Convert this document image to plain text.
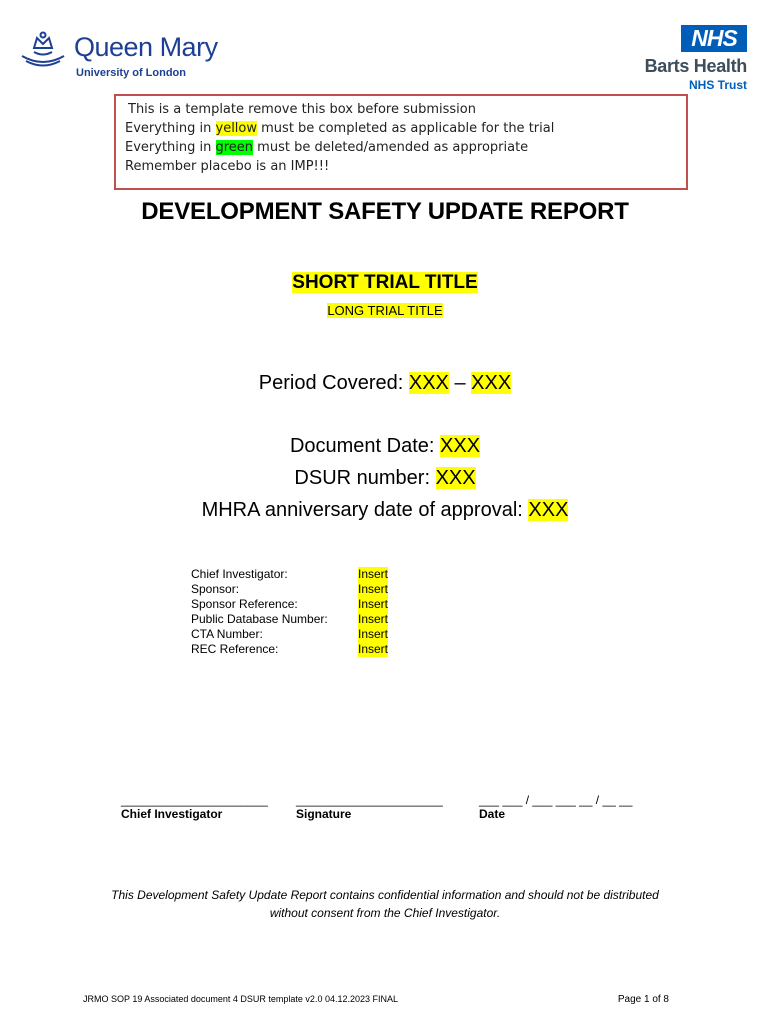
Queen Mary
University of London
NHS
Barts Health
NHS Trust
This is a template remove this box before submission
Everything in yellow must be completed as applicable for the trial
Everything in green must be deleted/amended as appropriate
Remember placebo is an IMP!!!
DEVELOPMENT SAFETY UPDATE REPORT
SHORT TRIAL TITLE
LONG TRIAL TITLE
Period Covered: XXX – XXX
Document Date: XXX
DSUR number: XXX
MHRA anniversary date of approval: XXX
Chief Investigator:	Insert
Sponsor:	Insert
Sponsor Reference:	Insert
Public Database Number:	Insert
CTA Number:	Insert
REC Reference:	Insert
______________________
Chief Investigator
______________________
Signature
___ ___ / ___ ___ __ / __ __
Date
This Development Safety Update Report contains confidential information and should not be distributed
without consent from the Chief Investigator.
JRMO SOP 19 Associated document 4 DSUR template v2.0 04.12.2023 FINAL	Page 1 of 8
